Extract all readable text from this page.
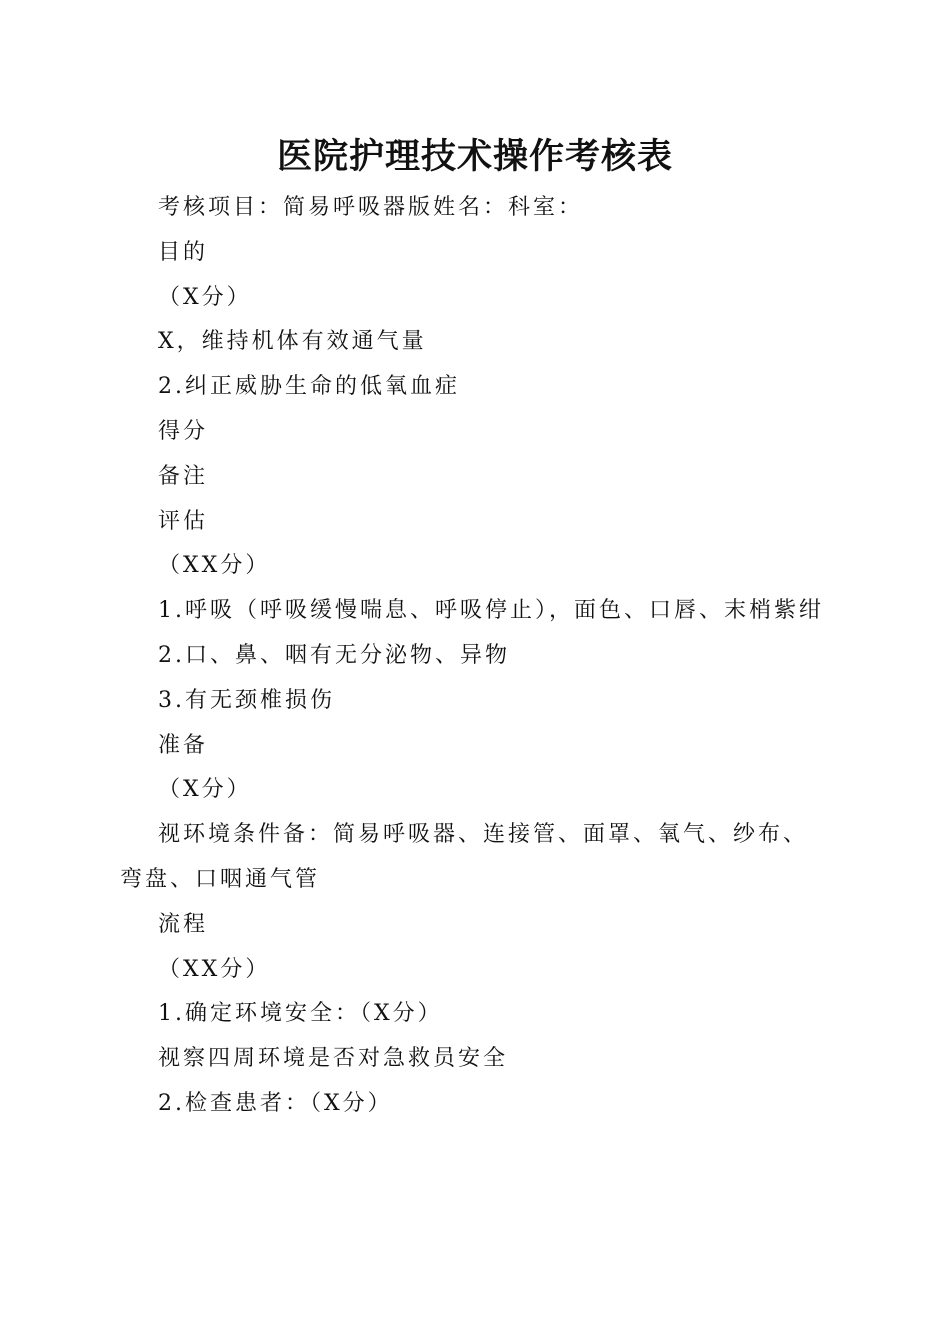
医院护理技术操作考核表

考核项目：简易呼吸器版姓名：科室：

目的

（X分）

X，维持机体有效通气量

2.纠正威胁生命的低氧血症

得分

备注

评估

（XX分）

1.呼吸（呼吸缓慢喘息、呼吸停止），面色、口唇、末梢紫绀

2.口、鼻、咽有无分泌物、异物

3.有无颈椎损伤

准备

（X分）

视环境条件备：简易呼吸器、连接管、面罩、氧气、纱布、弯盘、口咽通气管

流程

（XX分）

1.确定环境安全：（X分）

视察四周环境是否对急救员安全

2.检查患者：（X分）
